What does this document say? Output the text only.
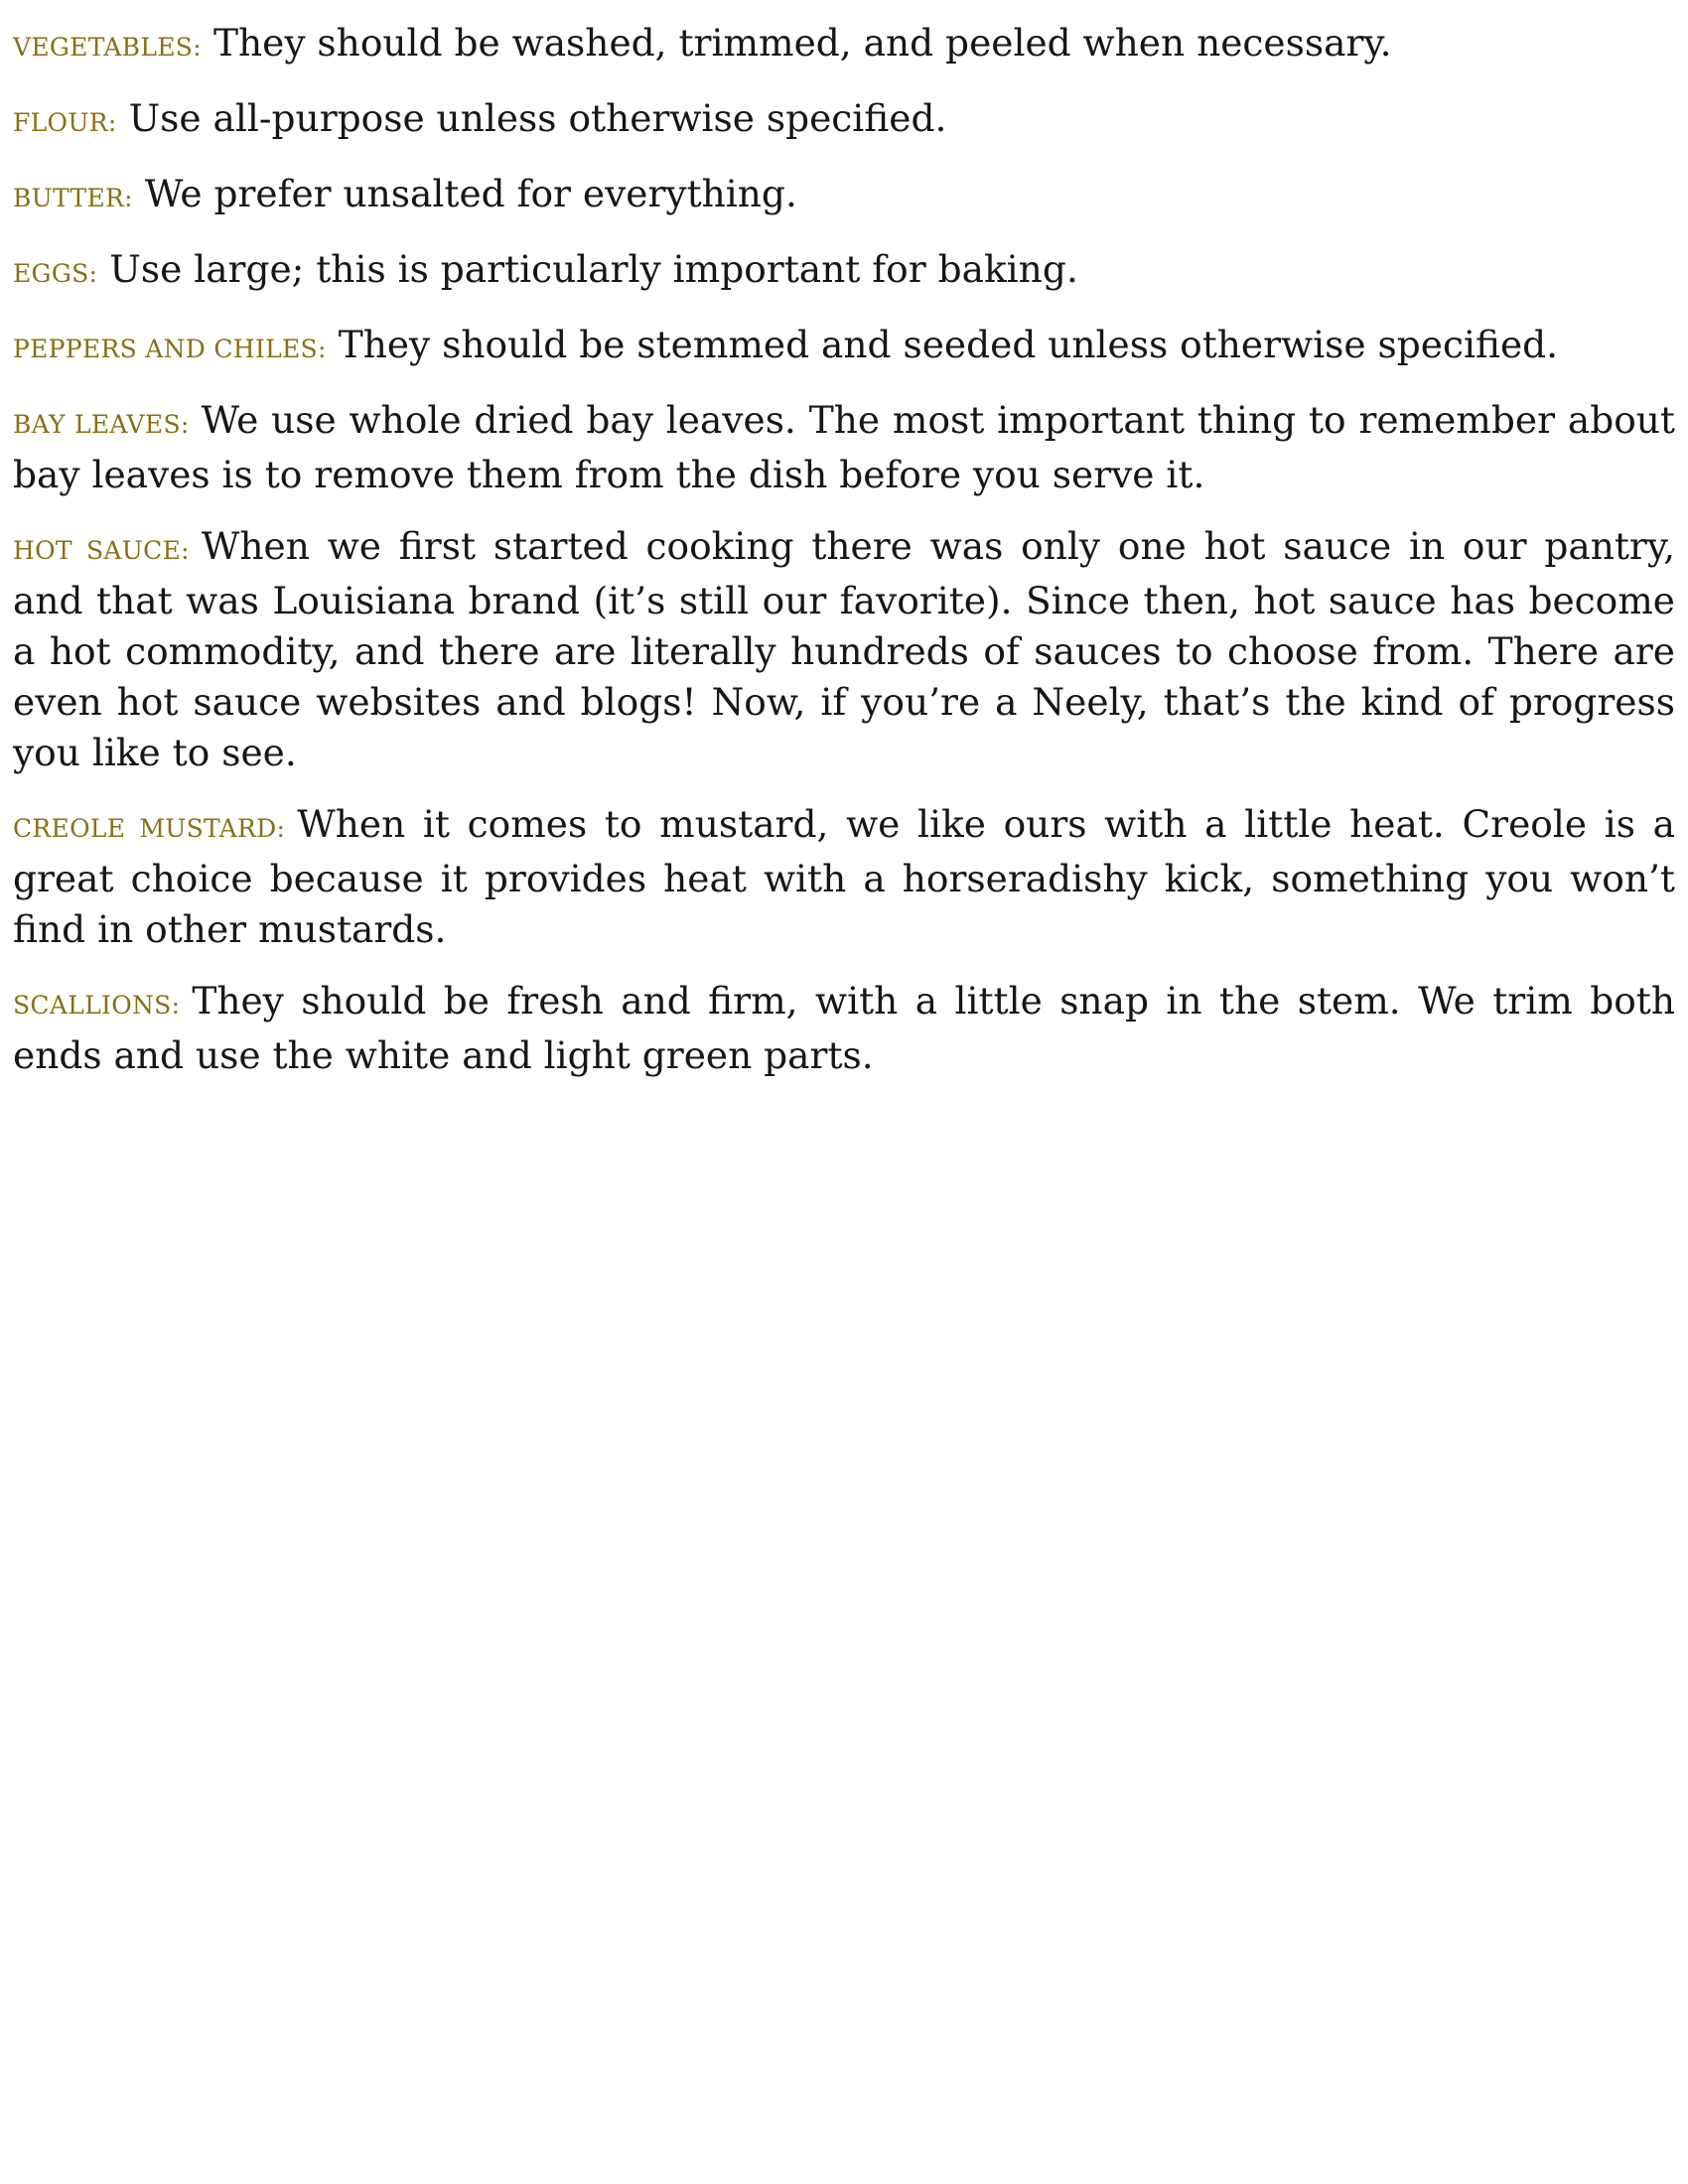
VEGETABLES: They should be washed, trimmed, and peeled when necessary.

FLOUR: Use all-purpose unless otherwise specified.

BUTTER: We prefer unsalted for everything.

EGGS: Use large; this is particularly important for baking.

PEPPERS AND CHILES: They should be stemmed and seeded unless otherwise specified.

BAY LEAVES: We use whole dried bay leaves. The most important thing to remember about bay leaves is to remove them from the dish before you serve it.

HOT SAUCE: When we first started cooking there was only one hot sauce in our pantry, and that was Louisiana brand (it’s still our favorite). Since then, hot sauce has become a hot commodity, and there are literally hundreds of sauces to choose from. There are even hot sauce websites and blogs! Now, if you’re a Neely, that’s the kind of progress you like to see.

CREOLE MUSTARD: When it comes to mustard, we like ours with a little heat. Creole is a great choice because it provides heat with a horseradishy kick, something you won’t find in other mustards.

SCALLIONS: They should be fresh and firm, with a little snap in the stem. We trim both ends and use the white and light green parts.
